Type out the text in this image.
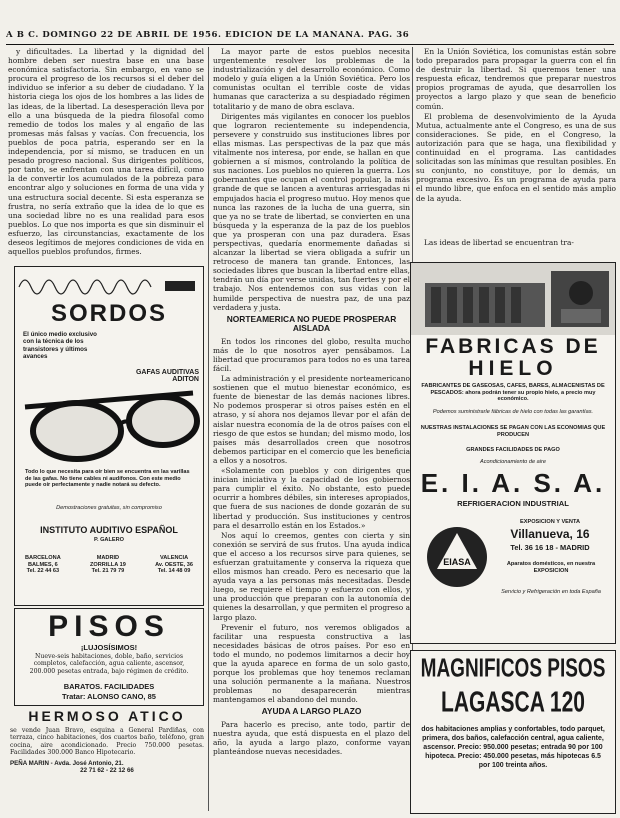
A B C. DOMINGO 22 DE ABRIL DE 1956. EDICION DE LA MAÑANA. PAG. 36

y dificultades. La libertad y la dignidad del hombre deben ser nuestra base en una base económica satisfactoria. Sin embargo, en vano se procura el progreso de los recursos si el deber del individuo se inferior a su deber de ciudadano. Y la historia ciega los ojos de los hombres a las lides de las ideas, de la libertad. La desesperación lleva por ello a una búsqueda de la piedra filosofal como remedio de todos los males y al engaño de las promesas más falsas y vacías. Con frecuencia, los pueblos de poca patria, esperando ser en la independencia, por sí mismo, se traducen en un pesado progreso nacional. Sus dirigentes políticos, por tanto, se enfrentan con una tarea difícil, como la de convertir los acumulados de la pobreza para encontrar algo y soluciones en forma de una vida y una estructura social decente. Si esta esperanza se frustra, no sería extraño que la idea de lo que es una sociedad libre no es una realidad para esos pueblos. Lo que nos importa es que sin disminuir el esfuerzo, las circunstancias, exactamente de los deseos legítimos de mejores condiciones de vida en aquellos pueblos profundos, firmes.

La mayor parte de estos pueblos necesita urgentemente resolver los problemas de la industrialización y del desarrollo económico. Como modelo y guía eligen a la Unión Soviética. Pero los comunistas ocultan el terrible coste de vidas humanas que caracteriza a su despiadado régimen totalitario y de mano de obra esclava.

Dirigentes más vigilantes en conocer los pueblos que lograron recientemente su independencia, persevere y construido sus instituciones libres por ellas mismas. Las perspectivas de la paz que más vitalmente nos interesa, por ende, se hallan en que gobiernen a sí mismos, controlando la política de sus naciones. Los pueblos no quieren la guerra. Los gobernantes que ocupan el control popular, la más grande de que se lancen a aventuras arriesgadas ni empujados hacia el progreso mutuo. Hoy menos que nunca las razones de la lucha de una guerra, sin que ya no se trate de libertad, se convierten en una búsqueda y la esperanza de la paz de los pueblos que ya prosperan con una paz duradera. Esas perspectivas, quedaría enormemente dañadas si alcanzar la libertad se viera obligada a sufrir un retroceso de manera tan grande. Entonces, las sociedades libres que buscan la libertad entre ellas, tendrán un día por verse unidas, tan fuertes y por el trabajo. Nos entendemos con sus vidas con la humilde perspectiva de nuestra paz, de una paz verdadera y justa.

NORTEAMERICA NO PUEDE PROSPERAR AISLADA

En todos los rincones del globo, resulta mucho más de lo que nosotros ayer pensábamos. La libertad que procuramos para todos no es una tarea fácil.

La administración y el presidente norteamericano sostienen que el mutuo bienestar económico, es fuente de bienestar de las demás naciones libres. No podemos prosperar si otros países estén en el atraso, y sí ahora nos dejamos llevar por el afán de aislar nuestra economía de la de otros países con el riesgo de que estos se hundan; del mismo modo, los países más desarrollados creen que nosotros debemos participar en el comercio que les beneficia a ellos y a nosotros.

«Solamente con pueblos y con dirigentes que inician iniciativa y la capacidad de los gobiernos para cumplir el éxito. No obstante, esto puede ocurrir a hombres débiles, sin intereses apropiados, que fuera de sus naciones de donde gozarán de su libertad y producción. Sus instituciones y centros para el desarrollo están en los Estados.»

Nos aquí lo creemos, gentes con cierta y sin conexión se servirá de sus frutos. Una ayuda indica que el acceso a los recursos sirve para quienes, se esfuerzan gratuitamente y conserva la riqueza que ellos mismos han creado. Pero es necesario que la ayuda vaya a las personas más necesitadas. Desde luego, se requiere el tiempo y esfuerzo con ellos, y una producción que preparan con la autonomía de quienes la desarrollan, y que permiten el progreso a largo plazo.

Prevenir el futuro, nos veremos obligados a facilitar una respuesta constructiva a las necesidades básicas de otros países. Por eso en todo el mundo, no podemos limitarnos a decir hoy que la ayuda aparece en forma de un solo gasto, porque los problemas que hoy tenemos reclaman una solución permanente a la mañana. Nuestros problemas no desaparecerán mientras mantengamos el abandono del mundo.

AYUDA A LARGO PLAZO

Para hacerlo es preciso, ante todo, partir de nuestra ayuda, que está dispuesta en el plazo del año, la ayuda a largo plazo, conforme vayan planteándose nuevas necesidades.

En la Unión Soviética, los comunistas están sobre todo preparados para propagar la guerra con el fin de destruir la libertad. Si queremos tener una respuesta eficaz, tendremos que preparar nuestros propios programas de ayuda, que desarrollen los proyectos a largo plazo y que sean de beneficio común.

El problema de desenvolvimiento de la Ayuda Mutua, actualmente ante el Congreso, es una de sus consideraciones. Se pide, en el Congreso, la autorización para que se haga, una flexibilidad y continuidad en el programa. Las cantidades solicitadas son las mínimas que resultan posibles. En su conjunto, no constituye, por lo demás, un programa excesivo. Es un programa de ayuda para el mundo libre, que enfoca en el sentido más amplio de la ayuda.

Las ideas de libertad se encuentran tra-

SORDOS
El único medio exclusivo con la técnica de los transistores y últimos avances
GAFAS AUDITIVAS ADITON
Todo lo que necesita para oír bien se encuentra en las varillas de las gafas. No tiene cables ni audífonos. Con este medio puede oír perfectamente y nadie notará su defecto.
Demostraciones gratuitas, sin compromiso
INSTITUTO AUDITIVO ESPAÑOL
P. GALERO
BARCELONA
BALMES, 6
Tel. 22 44 63
MADRID
ZORRILLA 19
Tel. 21 79 79
VALENCIA
Av. OESTE, 36
Tel. 14 48 09
PISOS
¡LUJOSÍSIMOS!
Nueve-seis habitaciones, doble, baño, servicios completos, calefacción, agua caliente, ascensor, 200.000 pesetas entrada, bajo régimen de crédito.
BARATOS. FACILIDADES
Tratar: ALONSO CANO, 85
HERMOSO ATICO
se vende Juan Bravo, esquina a General Pardiñas, con terraza, cinco habitaciones, dos cuartos baño, teléfono, gran cocina, aire acondicionado. Precio 750.000 pesetas. Facilidades 300.000 Banco Hipotecario.
PEÑA MARIN - Avda. José Antonio, 21.
22 71 62 - 22 12 66
FABRICAS DE
HIELO
FABRICANTES DE GASEOSAS, CAFES, BARES, ALMACENISTAS DE PESCADOS: ahora podrán tener su propio hielo, a precio muy económico.
Podemos suministrarle fábricas de hielo con todas las garantías.
NUESTRAS INSTALACIONES SE PAGAN CON LAS ECONOMIAS QUE PRODUCEN
GRANDES FACILIDADES DE PAGO
Acondicionamiento de aire
E. I. A. S. A.
REFRIGERACION INDUSTRIAL
EIASA
EXPOSICION Y VENTA
Villanueva, 16
Tel. 36 16 18 - MADRID
Aparatos domésticos, en nuestra EXPOSICION
Servicio y Refrigeración en toda España
MAGNIFICOS PISOS
LAGASCA 120
dos habitaciones amplias y confortables, todo parquet, primera, dos baños, calefacción central, agua caliente, ascensor. Precio: 950.000 pesetas; entrada 90 por 100 hipoteca. Precio: 450.000 pesetas, más hipotecas 6.5 por 100 treinta años.
